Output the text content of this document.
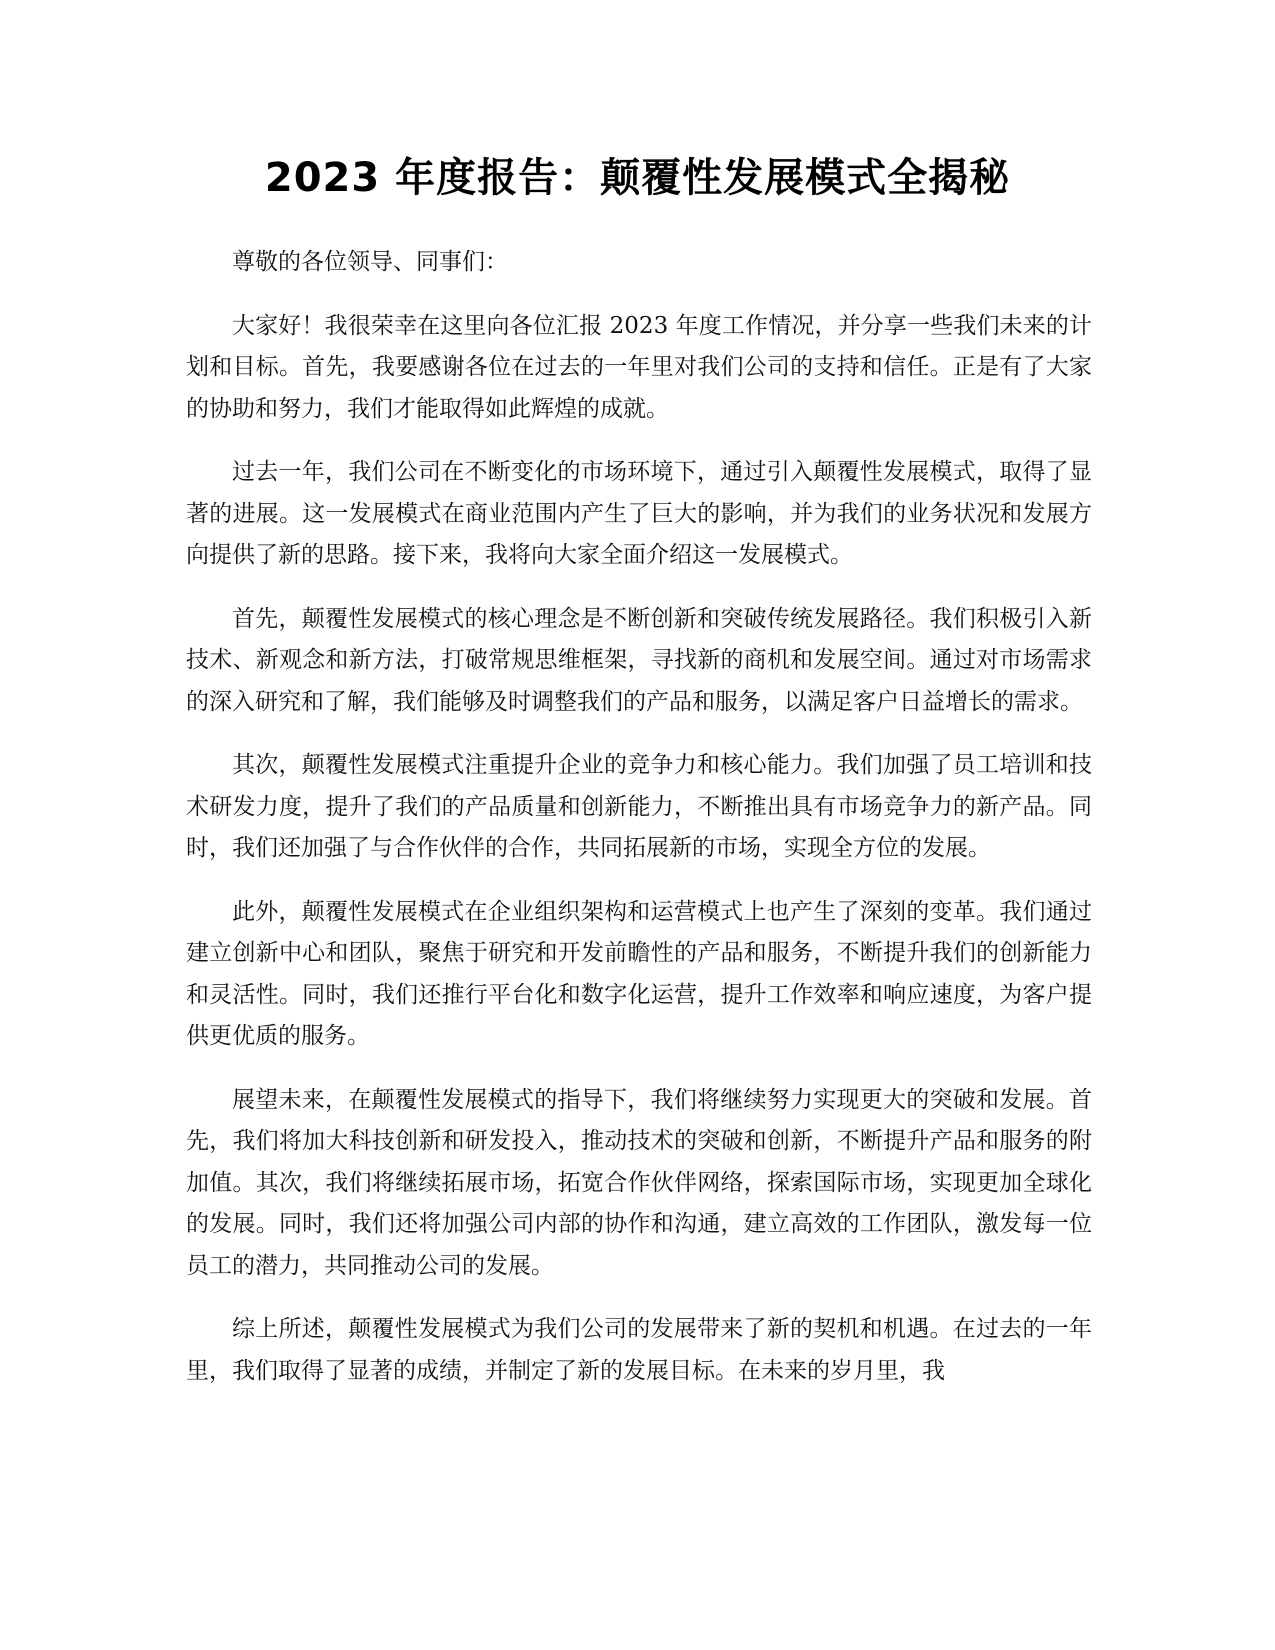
2023 年度报告：颠覆性发展模式全揭秘

尊敬的各位领导、同事们：

大家好！我很荣幸在这里向各位汇报 2023 年度工作情况，并分享一些我们未来的计划和目标。首先，我要感谢各位在过去的一年里对我们公司的支持和信任。正是有了大家的协助和努力，我们才能取得如此辉煌的成就。

过去一年，我们公司在不断变化的市场环境下，通过引入颠覆性发展模式，取得了显著的进展。这一发展模式在商业范围内产生了巨大的影响，并为我们的业务状况和发展方向提供了新的思路。接下来，我将向大家全面介绍这一发展模式。

首先，颠覆性发展模式的核心理念是不断创新和突破传统发展路径。我们积极引入新技术、新观念和新方法，打破常规思维框架，寻找新的商机和发展空间。通过对市场需求的深入研究和了解，我们能够及时调整我们的产品和服务，以满足客户日益增长的需求。

其次，颠覆性发展模式注重提升企业的竞争力和核心能力。我们加强了员工培训和技术研发力度，提升了我们的产品质量和创新能力，不断推出具有市场竞争力的新产品。同时，我们还加强了与合作伙伴的合作，共同拓展新的市场，实现全方位的发展。

此外，颠覆性发展模式在企业组织架构和运营模式上也产生了深刻的变革。我们通过建立创新中心和团队，聚焦于研究和开发前瞻性的产品和服务，不断提升我们的创新能力和灵活性。同时，我们还推行平台化和数字化运营，提升工作效率和响应速度，为客户提供更优质的服务。

展望未来，在颠覆性发展模式的指导下，我们将继续努力实现更大的突破和发展。首先，我们将加大科技创新和研发投入，推动技术的突破和创新，不断提升产品和服务的附加值。其次，我们将继续拓展市场，拓宽合作伙伴网络，探索国际市场，实现更加全球化的发展。同时，我们还将加强公司内部的协作和沟通，建立高效的工作团队，激发每一位员工的潜力，共同推动公司的发展。

综上所述，颠覆性发展模式为我们公司的发展带来了新的契机和机遇。在过去的一年里，我们取得了显著的成绩，并制定了新的发展目标。在未来的岁月里，我
